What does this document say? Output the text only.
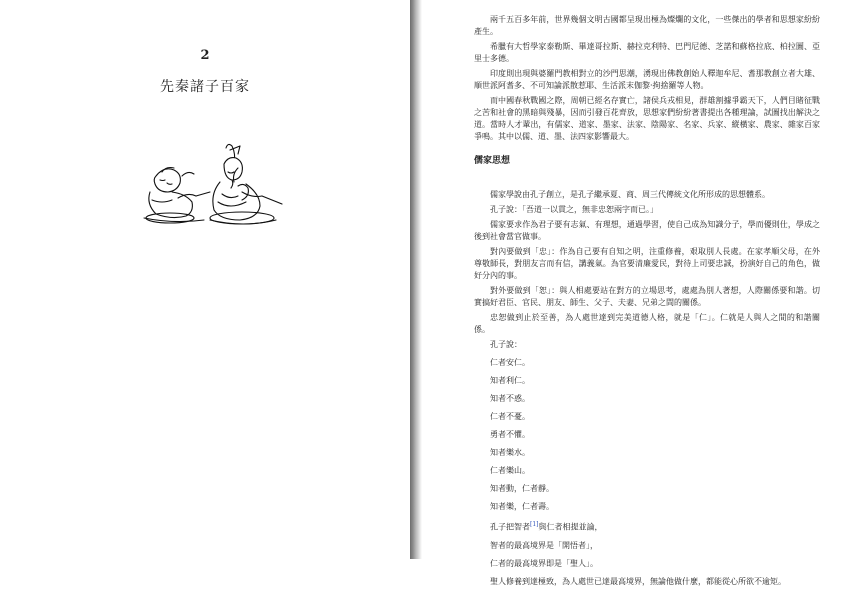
2
先秦諸子百家

兩千五百多年前，世界幾個文明古國都呈現出極為燦爛的文化，一些傑出的學者和思想家紛紛產生。

希臘有大哲學家泰勒斯、畢達哥拉斯、赫拉克利特、巴門尼德、芝諾和蘇格拉底、柏拉圖、亞里士多德。

印度則出現與婆羅門教相對立的沙門思潮，湧現出佛教創始人釋迦牟尼、耆那教創立者大雄、順世派阿耆多、不可知論派散惹耶、生活派末伽黎·拘捨羅等人物。

而中國春秋戰國之際，周朝已經名存實亡，諸侯兵戎相見，群雄割據爭霸天下，人們目睹征戰之苦和社會的黑暗與殘暴，因而引發百花齊放，思想家們紛紛著書提出各種理論，試圖找出解決之道。當時人才輩出，有儒家、道家、墨家、法家、陰陽家、名家、兵家、縱橫家、農家、雜家百家爭鳴。其中以儒、道、墨、法四家影響最大。

儒家思想

儒家學說由孔子創立，是孔子繼承夏、商、周三代傳統文化所形成的思想體系。

孔子說：「吾道一以貫之，無非忠恕兩字而已。」

儒家要求作為君子要有志氣、有理想，通過學習，使自己成為知識分子，學而優則仕，學成之後到社會當官做事。

對內要做到「忠」：作為自己要有自知之明，注重修養，艰取別人長處。在家孝順父母，在外尊敬師長，對朋友言而有信，講義氣。為官要清廉愛民，對待上司要忠誠，扮演好自己的角色，做好分內的事。

對外要做到「恕」：與人相處要站在對方的立場思考，處處為別人著想，人際關係要和諧。切實搞好君臣、官民、朋友、師生、父子、夫妻、兄弟之間的關係。

忠恕做到止於至善，為人處世達到完美道德人格，就是「仁」。仁就是人與人之間的和諧關係。

孔子說：

仁者安仁。

知者利仁。

知者不惑。

仁者不憂。

勇者不懼。

知者樂水。

仁者樂山。

知者動，仁者靜。

知者樂，仁者壽。

孔子把智者[1]與仁者相提並論，

智者的最高境界是「開悟者」，

仁者的最高境界即是「聖人」。

聖人修養到達極致，為人處世已達最高境界，無論他做什麼，都能從心所欲不逾矩。
